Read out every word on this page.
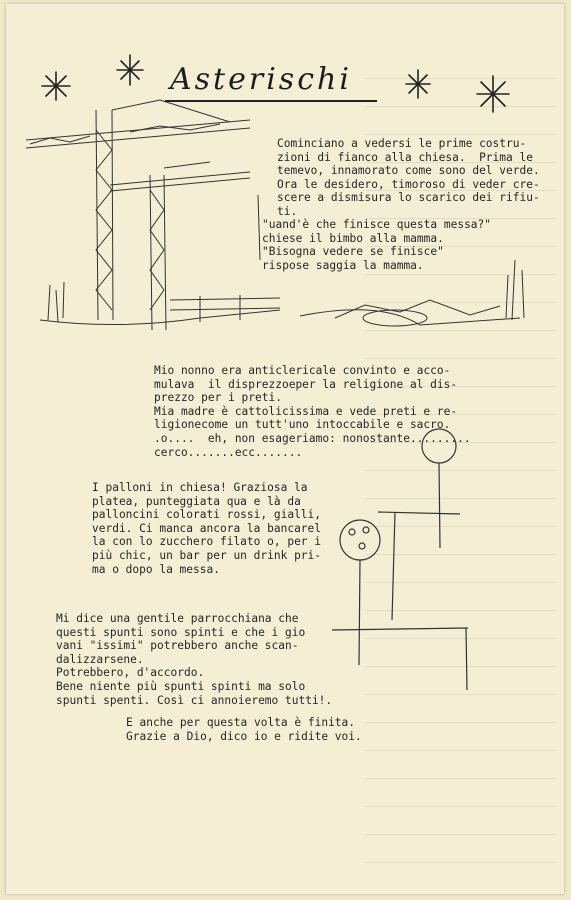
Asterischi
Cominciano a vedersi le prime costru-
zioni di fianco alla chiesa.  Prima le
temevo, innamorato come sono del verde.
Ora le desidero, timoroso di veder cre-
scere a dismisura lo scarico dei rifiu-
ti.
"uand'è che finisce questa messa?"
chiese il bimbo alla mamma.
"Bisogna vedere se finisce"
rispose saggia la mamma.
Mio nonno era anticlericale convinto e acco-
mulava  il disprezzoeper la religione al dis-
prezzo per i preti.
Mia madre è cattolicissima e vede preti e re-
ligionecome un tutt'uno intoccabile e sacro.
.o....  eh, non esageriamo: nonostante.........
cerco.......ecc.......
I palloni in chiesa! Graziosa la
platea, punteggiata qua e là da
palloncini colorati rossi, gialli,
verdi. Ci manca ancora la bancarel
la con lo zucchero filato o, per i
più chic, un bar per un drink pri-
ma o dopo la messa.
Mi dice una gentile parrocchiana che
questi spunti sono spinti e che i gio
vani "issimi" potrebbero anche scan-
dalizzarsene.
Potrebbero, d'accordo.
Bene niente più spunti spinti ma solo
spunti spenti. Così ci annoieremo tutti!.
E anche per questa volta è finita.
Grazie a Dio, dico io e ridite voi.
